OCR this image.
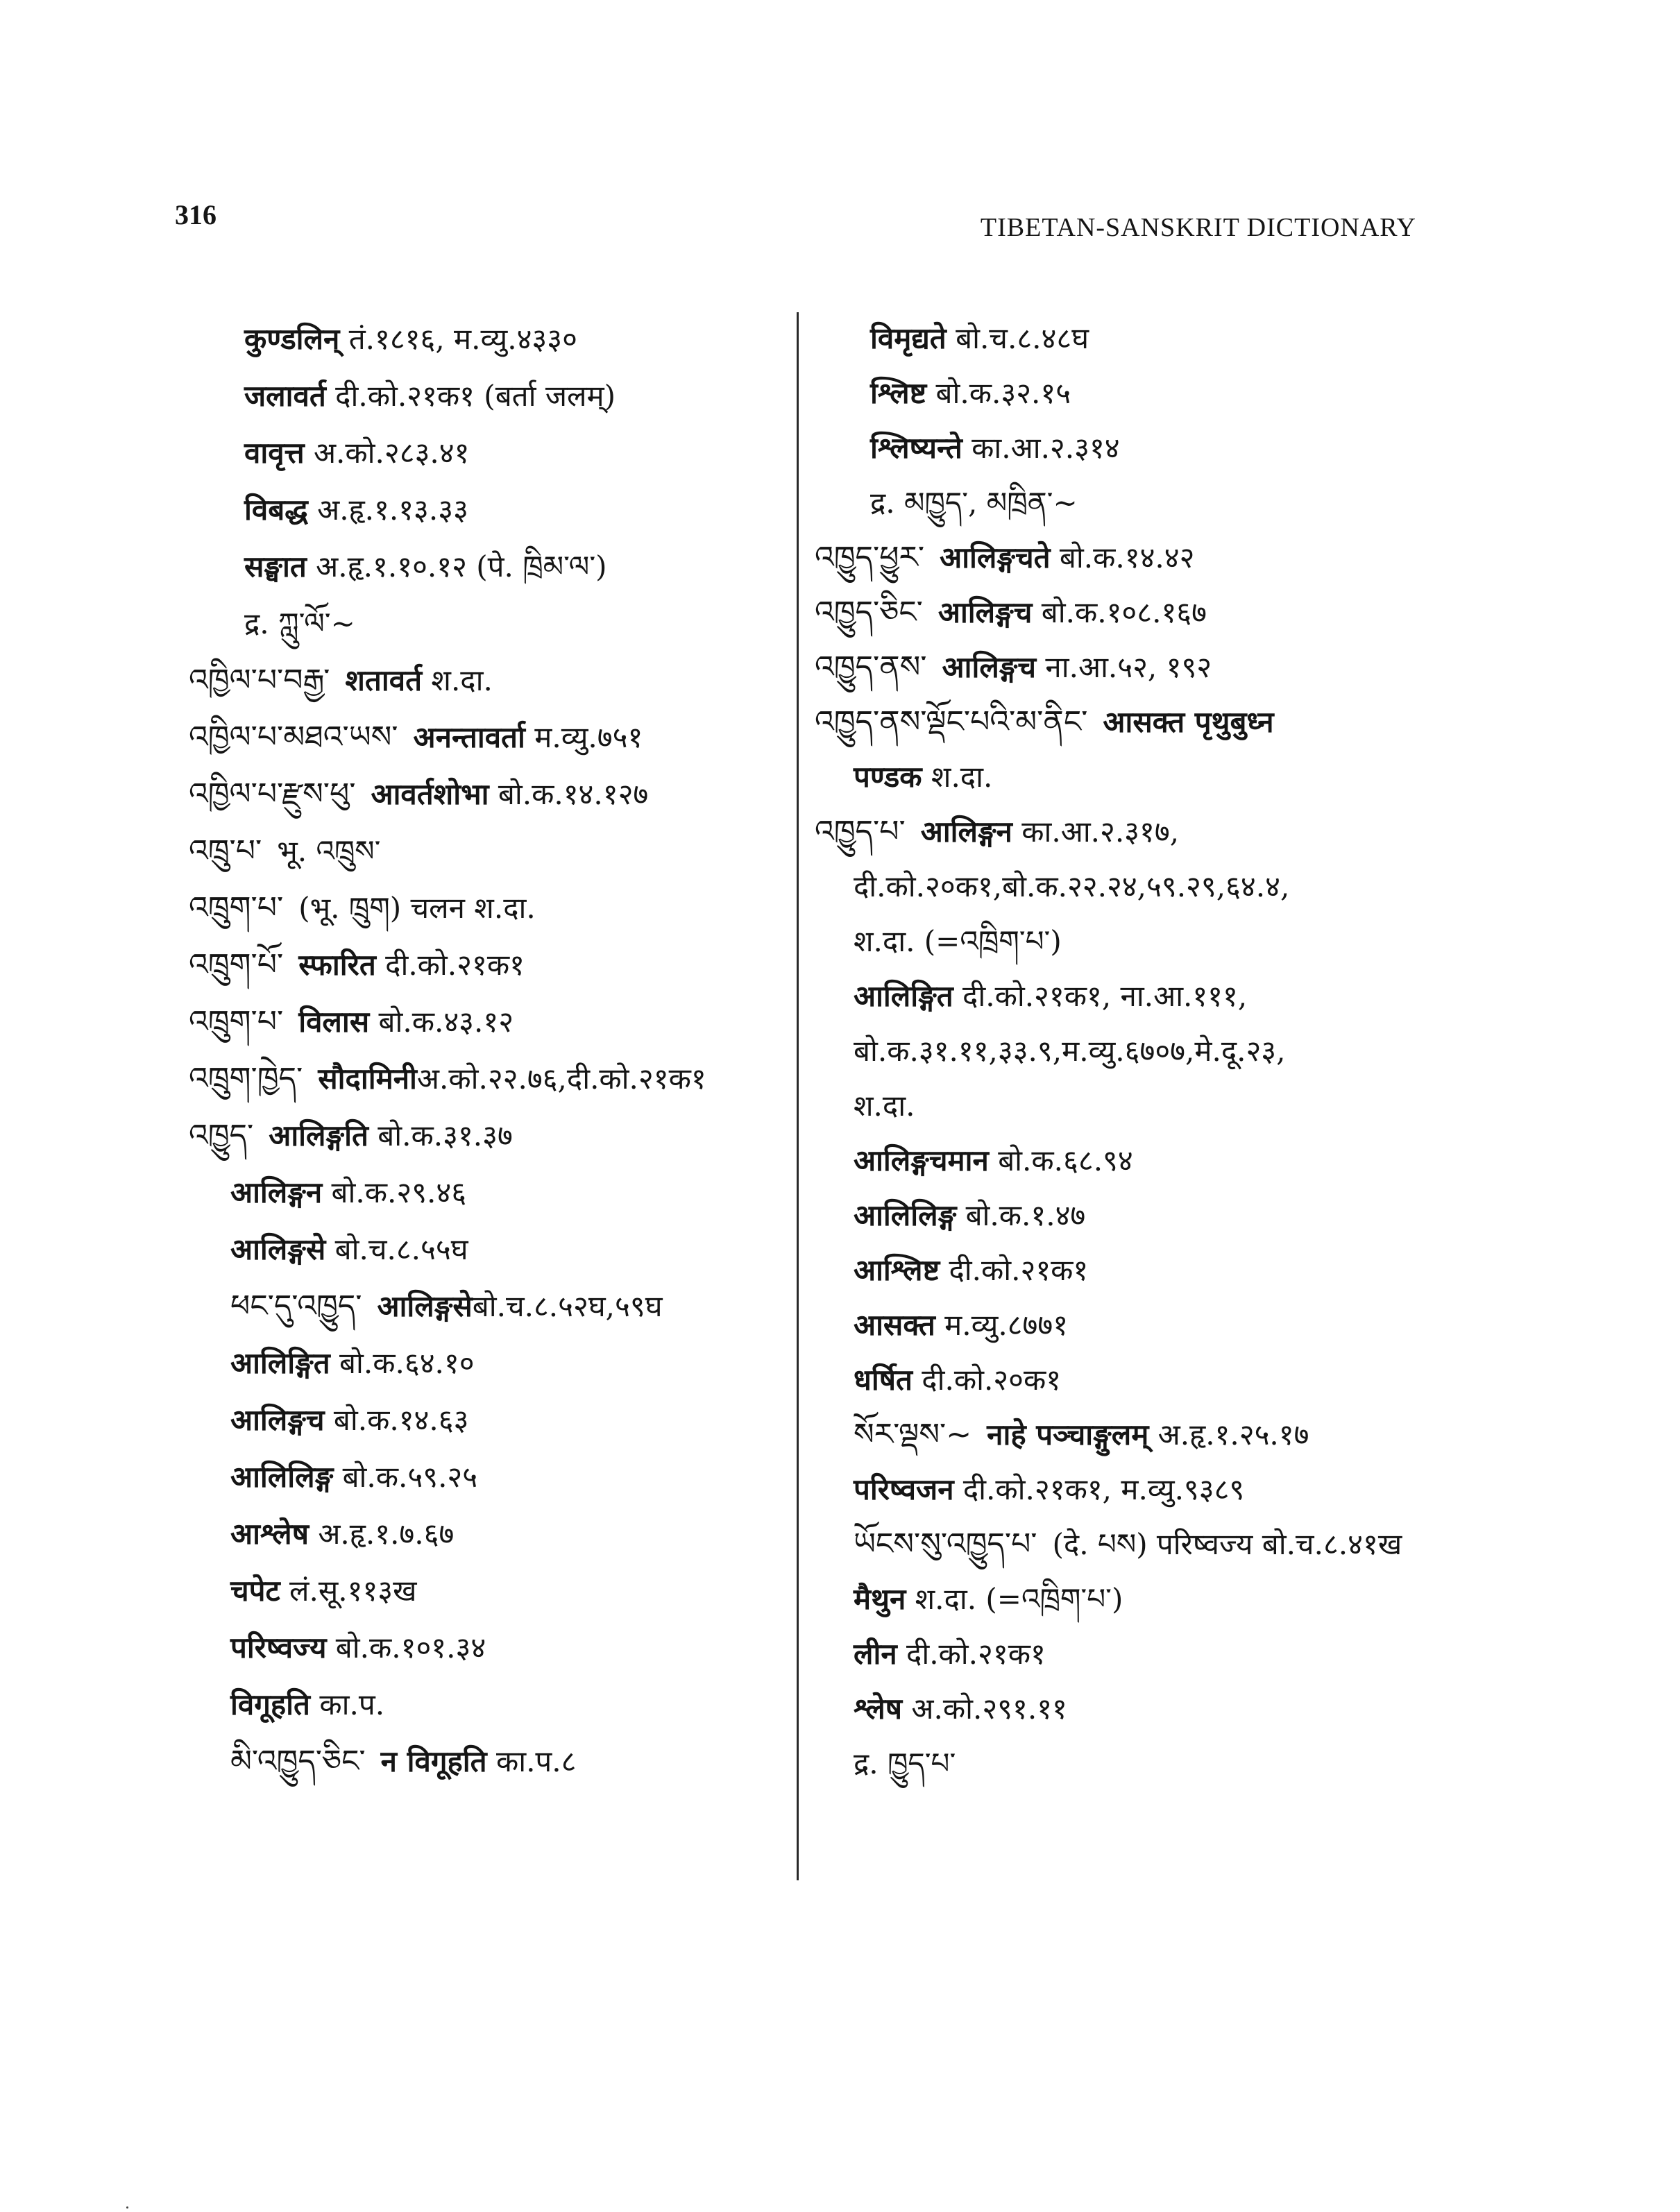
316	TIBETAN-SANSKRIT DICTIONARY
कुण्डलिन् तं.१८१६, म.व्यु.४३३०
जलावर्त दी.को.२१क१ (बर्ता जलम्)
वावृत्त अ.को.२८३.४१
विबद्ध अ.हृ.१.१३.३३
सङ्घात अ.हृ.१.१०.१२ (पे. ཁྲིམ་ལ་)
द्र. ཀླུ་ལོ་~
འཁྱིལ་པ་བརྒྱ་ शतावर्त श.दा.
འཁྱིལ་པ་མཐའ་ཡས་ अनन्तावर्ता म.व्यु.७५१
འཁྱིལ་པ་རྫུས་ཕུ་ आवर्तशोभा बो.क.१४.१२७
འཁྲུ་པ་ भू. འཁྲུས་
འཁྲུག་པ་ (भू. ཁྲུག) चलन श.दा.
འཁྲུག་པོ་ स्फारित दी.को.२१क१
འཁྲུག་པ་ विलास बो.क.४३.१२
འཁྲུག་ཁྱེད་ सौदामिनीअ.को.२२.७६,दी.को.२१क१
འཁྱུད་ आलिङ्गति बो.क.३१.३७
आलिङ्गन बो.क.२९.४६
आलिङ्गसे बो.च.८.५५घ
ཕང་དུ་འཁྱུད་ आलिङ्गसेबो.च.८.५२घ,५९घ
आलिङ्गित बो.क.६४.१०
आलिङ्गच बो.क.१४.६३
आलिलिङ्ग बो.क.५९.२५
आश्लेष अ.हृ.१.७.६७
चपेट लं.सू.११३ख
परिष्वज्य बो.क.१०१.३४
विगूहति का.प.
མི་འཁྱུད་ཅིང་ न विगूहति का.प.८
विमृद्यते बो.च.८.४८घ
श्लिष्ट बो.क.३२.१५
श्लिष्यन्ते का.आ.२.३१४
द्र. མཁྱུད་, མཁྲིན་~
འཁྱུད་ཕྱུར་ आलिङ्गचते बो.क.१४.४२
འཁྱུད་ཅིང་ आलिङ्गच बो.क.१०८.१६७
འཁྱུད་ནས་ आलिङ्गच ना.आ.५२, १९२
འཁྱུད་ནས་ལྡོང་པའི་མ་ནིང་ आसक्त पृथुबुध्न
पण्डक श.दा.
འཁྱུད་པ་ आलिङ्गन का.आ.२.३१७,
दी.को.२०क१,बो.क.२२.२४,५९.२९,६४.४,
श.दा. (=འཁྲིག་པ་)
आलिङ्गित दी.को.२१क१, ना.आ.१११,
बो.क.३१.११,३३.९,म.व्यु.६७०७,मे.दू.२३,
श.दा.
आलिङ्गचमान बो.क.६८.९४
आलिलिङ्ग बो.क.१.४७
आश्लिष्ट दी.को.२१क१
आसक्त म.व्यु.८७७१
धर्षित दी.को.२०क१
སོར་ལྡས་~ नाहे पञ्चाङ्गुलम् अ.हृ.१.२५.१७
परिष्वजन दी.को.२१क१, म.व्यु.९३८९
ཡོངས་སུ་འཁྱུད་པ་ (दे. པས) परिष्वज्य बो.च.८.४१ख
मैथुन श.दा. (=འཁྲིག་པ་)
लीन दी.को.२१क१
श्लेष अ.को.२९१.११
द्र. ཁྱུད་པ་
